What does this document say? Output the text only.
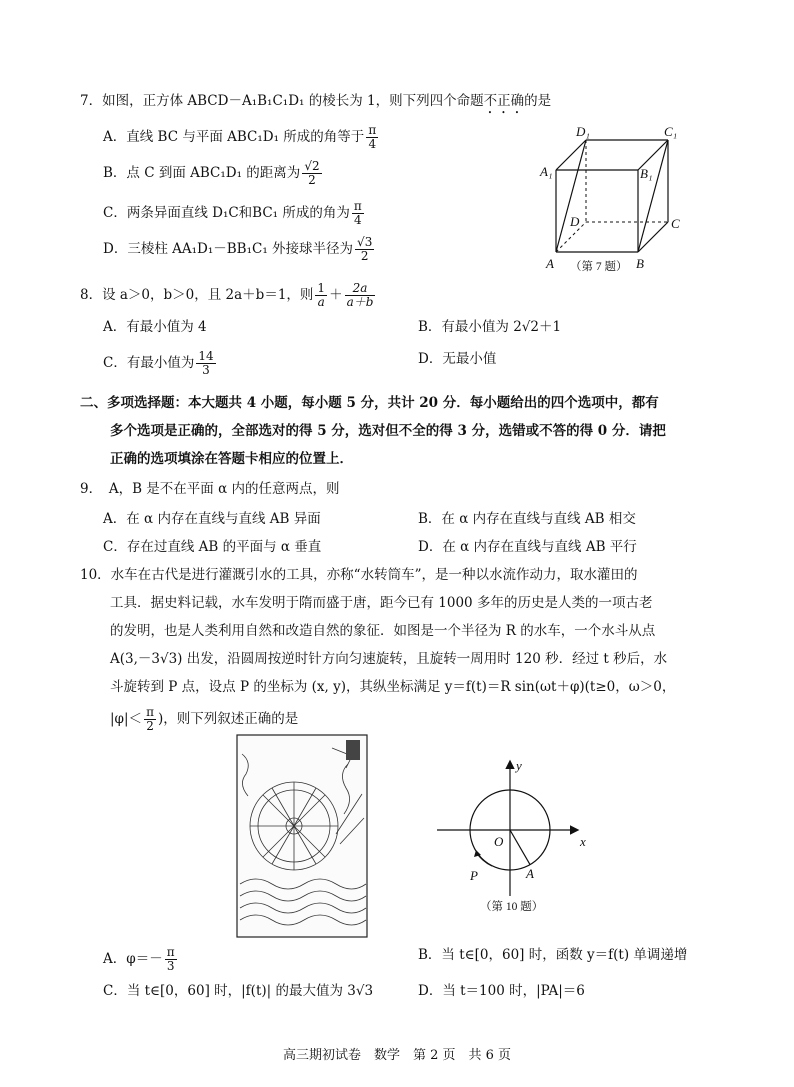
7．如图，正方体 ABCD－A₁B₁C₁D₁ 的棱长为 1，则下列四个命题不正确的是
A．直线 BC 与平面 ABC₁D₁ 所成的角等于 $\frac{\pi}{4}$
B．点 C 到面 ABC₁D₁ 的距离为 $\frac{√2}{2}$
C．两条异面直线 D₁C和BC₁ 所成的角为 $\frac{\pi}{4}$
D．三棱柱 AA₁D₁－BB₁C₁ 外接球半径为 $\frac{√3}{2}$
D₁	C₁
A₁	B₁
D	C
A	B
（第 7 题）
8．设 a＞0，b＞0，且 2a＋b＝1，则 $\frac{1}{a} + \frac{2a}{a+b}$
A．有最小值为 4	B．有最小值为 2√2＋1
C．有最小值为 $\frac{14}{3}$	D．无最小值
二、多项选择题：本大题共 4 小题，每小题 5 分，共计 20 分．每小题给出的四个选项中，都有
多个选项是正确的，全部选对的得 5 分，选对但不全的得 3 分，选错或不答的得 0 分．请把
正确的选项填涂在答题卡相应的位置上．
9．　A，B 是不在平面 α 内的任意两点，则
A．在 α 内存在直线与直线 AB 异面	B．在 α 内存在直线与直线 AB 相交
C．存在过直线 AB 的平面与 α 垂直	D．在 α 内存在直线与直线 AB 平行
10．水车在古代是进行灌溉引水的工具，亦称“水转筒车”，是一种以水流作动力，取水灌田的
工具．据史料记载，水车发明于隋而盛于唐，距今已有 1000 多年的历史是人类的一项古老
的发明，也是人类利用自然和改造自然的象征．如图是一个半径为 R 的水车，一个水斗从点
A(3,－3√3) 出发，沿圆周按逆时针方向匀速旋转，且旋转一周用时 120 秒．经过 t 秒后，水
斗旋转到 P 点，设点 P 的坐标为 (x, y)，其纵坐标满足 y＝f(t)＝R sin(ωt＋φ)(t≥0，ω＞0，
$|\varphi|< \frac{\pi}{2}$ )，则下列叙述正确的是
x
y
O
A
P
（第 10 题）
A．$\varphi=- \frac{\pi}{3}$	B．当 t∈[0，60] 时，函数 y＝f(t) 单调递增
C．当 t∈[0，60] 时，|f(t)| 的最大值为 3√3	D．当 t＝100 时，|PA|＝6
高三期初试卷　数学　第 2 页　共 6 页
